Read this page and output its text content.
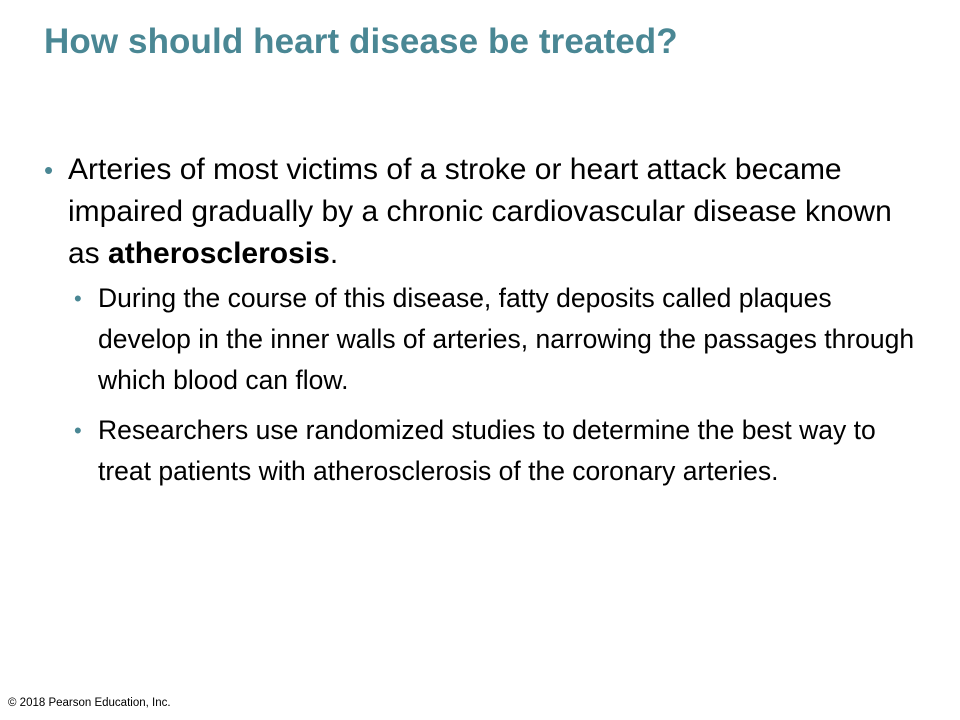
How should heart disease be treated?
• Arteries of most victims of a stroke or heart attack became impaired gradually by a chronic cardiovascular disease known as atherosclerosis.
• During the course of this disease, fatty deposits called plaques develop in the inner walls of arteries, narrowing the passages through which blood can flow.
• Researchers use randomized studies to determine the best way to treat patients with atherosclerosis of the coronary arteries.
© 2018 Pearson Education, Inc.
